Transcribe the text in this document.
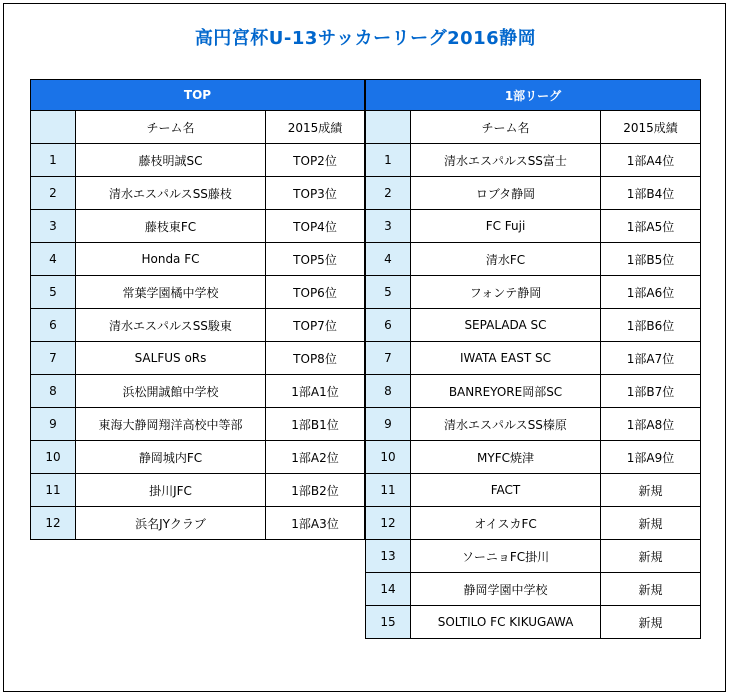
高円宮杯U-13サッカーリーグ2016静岡
TOP		
	チーム名	2015成績
1	藤枝明誠SC	TOP2位
2	清水エスパルスSS藤枝	TOP3位
3	藤枝東FC	TOP4位
4	Honda FC	TOP5位
5	常葉学園橘中学校	TOP6位
6	清水エスパルスSS駿東	TOP7位
7	SALFUS oRs	TOP8位
8	浜松開誠館中学校	1部A1位
9	東海大静岡翔洋高校中等部	1部B1位
10	静岡城内FC	1部A2位
11	掛川JFC	1部B2位
12	浜名JYクラブ	1部A3位
1部リーグ		
	チーム名	2015成績
1	清水エスパルスSS富士	1部A4位
2	ロブタ静岡	1部B4位
3	FC Fuji	1部A5位
4	清水FC	1部B5位
5	フォンテ静岡	1部A6位
6	SEPALADA SC	1部B6位
7	IWATA EAST SC	1部A7位
8	BANREYORE岡部SC	1部B7位
9	清水エスパルスSS榛原	1部A8位
10	MYFC焼津	1部A9位
11	FACT	新規
12	オイスカFC	新規
13	ソーニョFC掛川	新規
14	静岡学園中学校	新規
15	SOLTILO FC KIKUGAWA	新規
